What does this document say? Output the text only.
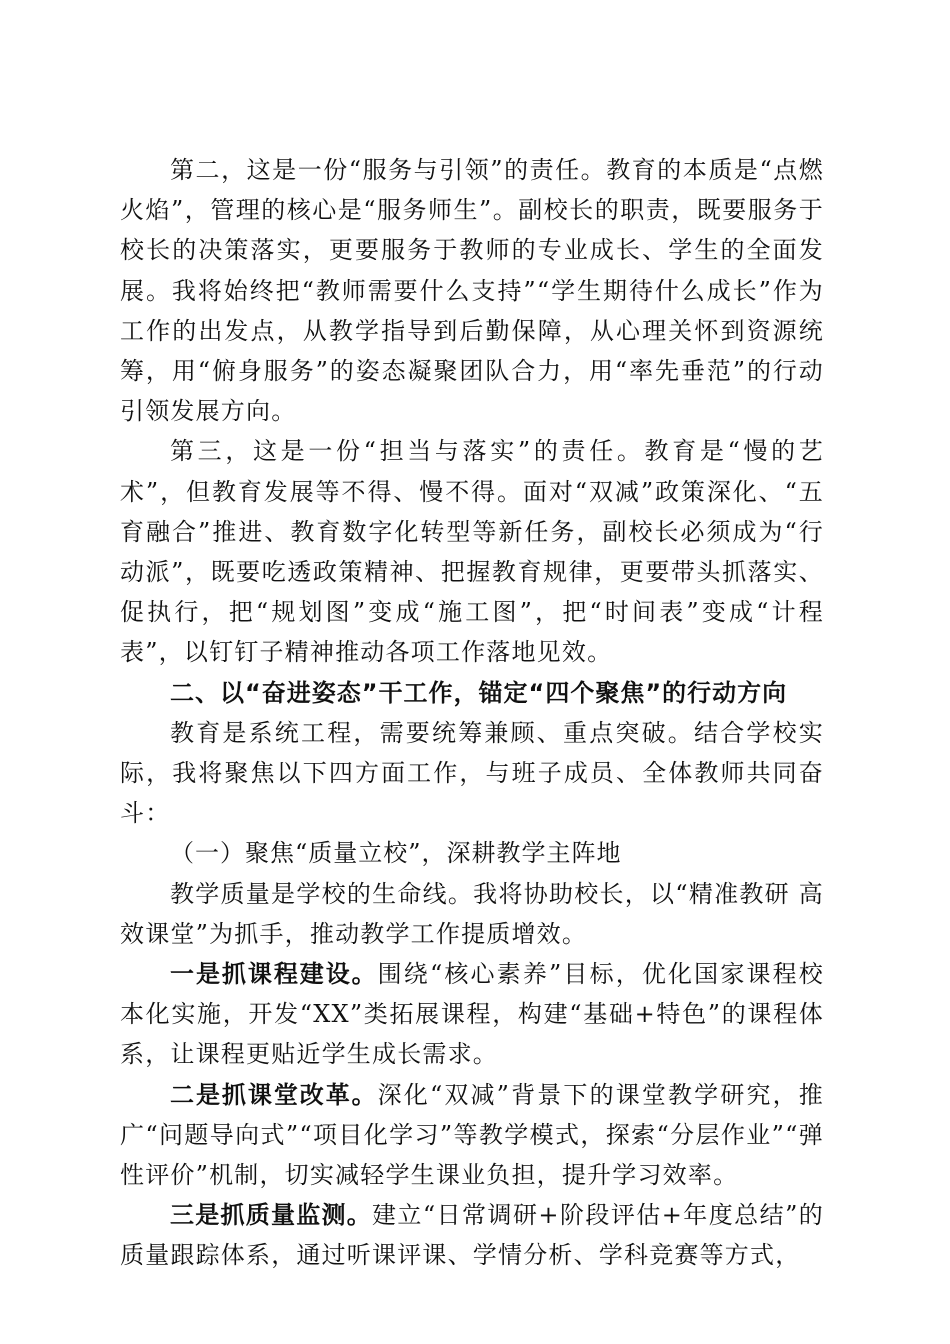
第二，这是一份“服务与引领”的责任。教育的本质是“点燃火焰”，管理的核心是“服务师生”。副校长的职责，既要服务于校长的决策落实，更要服务于教师的专业成长、学生的全面发展。我将始终把“教师需要什么支持”“学生期待什么成长”作为工作的出发点，从教学指导到后勤保障，从心理关怀到资源统筹，用“俯身服务”的姿态凝聚团队合力，用“率先垂范”的行动引领发展方向。

第三，这是一份“担当与落实”的责任。教育是“慢的艺术”，但教育发展等不得、慢不得。面对“双减”政策深化、“五育融合”推进、教育数字化转型等新任务，副校长必须成为“行动派”，既要吃透政策精神、把握教育规律，更要带头抓落实、促执行，把“规划图”变成“施工图”，把“时间表”变成“计程表”，以钉钉子精神推动各项工作落地见效。

二、以“奋进姿态”干工作，锚定“四个聚焦”的行动方向

教育是系统工程，需要统筹兼顾、重点突破。结合学校实际，我将聚焦以下四方面工作，与班子成员、全体教师共同奋斗：

（一）聚焦“质量立校”，深耕教学主阵地

教学质量是学校的生命线。我将协助校长，以“精准教研 高效课堂”为抓手，推动教学工作提质增效。

一是抓课程建设。围绕“核心素养”目标，优化国家课程校本化实施，开发“XX”类拓展课程，构建“基础+特色”的课程体系，让课程更贴近学生成长需求。

二是抓课堂改革。深化“双减”背景下的课堂教学研究，推广“问题导向式”“项目化学习”等教学模式，探索“分层作业”“弹性评价”机制，切实减轻学生课业负担，提升学习效率。

三是抓质量监测。建立“日常调研+阶段评估+年度总结”的质量跟踪体系，通过听课评课、学情分析、学科竞赛等方式，
